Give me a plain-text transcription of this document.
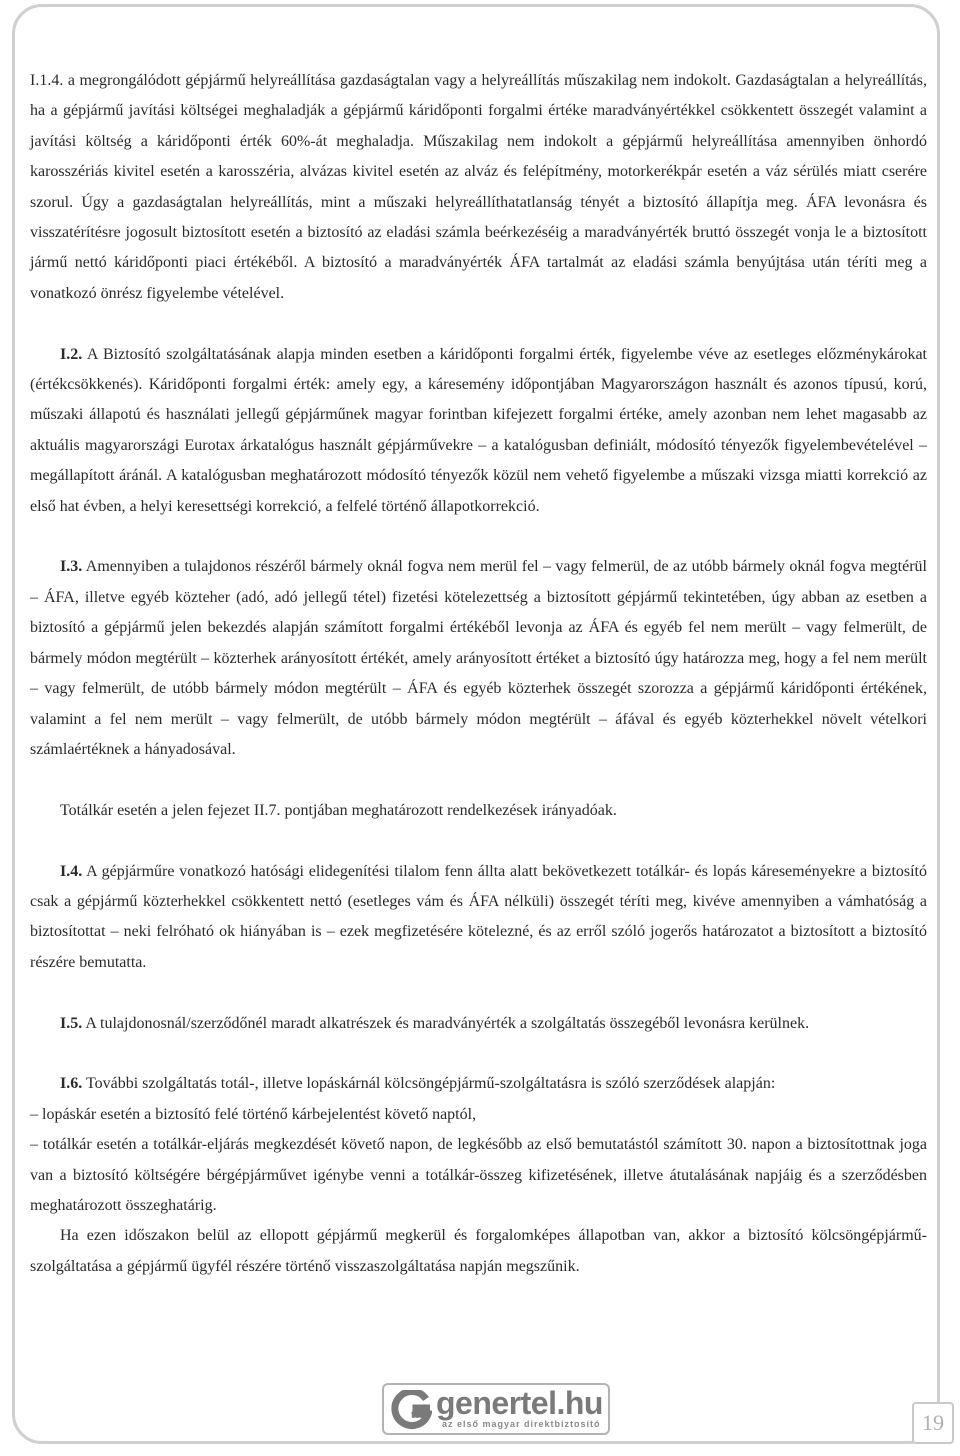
I.1.4. a megrongálódott gépjármű helyreállítása gazdaságtalan vagy a helyreállítás műszakilag nem indokolt. Gazdaságtalan a helyreállítás, ha a gépjármű javítási költségei meghaladják a gépjármű káridőponti forgalmi értéke maradványértékkel csökkentett összegét valamint a javítási költség a káridőponti érték 60%-át meghaladja. Műszakilag nem indokolt a gépjármű helyreállítása amennyiben önhordó karosszériás kivitel esetén a karosszéria, alvázas kivitel esetén az alváz és felépítmény, motorkerékpár esetén a váz sérülés miatt cserére szorul. Úgy a gazdaságtalan helyreállítás, mint a műszaki helyreállíthatatlanság tényét a biztosító állapítja meg. ÁFA levonásra és visszatérítésre jogosult biztosított esetén a biztosító az eladási számla beérkezéséig a maradványérték bruttó összegét vonja le a biztosított jármű nettó káridőponti piaci értékéből. A biztosító a maradványérték ÁFA tartalmát az eladási számla benyújtása után téríti meg a vonatkozó önrész figyelembe vételével.

I.2. A Biztosító szolgáltatásának alapja minden esetben a káridőponti forgalmi érték, figyelembe véve az esetleges előzménykárokat (értékcsökkenés). Káridőponti forgalmi érték: amely egy, a káresemény időpontjában Magyarországon használt és azonos típusú, korú, műszaki állapotú és használati jellegű gépjárműnek magyar forintban kifejezett forgalmi értéke, amely azonban nem lehet magasabb az aktuális magyarországi Eurotax árkatalógus használt gépjárművekre – a katalógusban definiált, módosító tényezők figyelembevételével – megállapított áránál. A katalógusban meghatározott módosító tényezők közül nem vehető figyelembe a műszaki vizsga miatti korrekció az első hat évben, a helyi keresettségi korrekció, a felfelé történő állapotkorrekció.

I.3. Amennyiben a tulajdonos részéről bármely oknál fogva nem merül fel – vagy felmerül, de az utóbb bármely oknál fogva megtérül – ÁFA, illetve egyéb közteher (adó, adó jellegű tétel) fizetési kötelezettség a biztosított gépjármű tekintetében, úgy abban az esetben a biztosító a gépjármű jelen bekezdés alapján számított forgalmi értékéből levonja az ÁFA és egyéb fel nem merült – vagy felmerült, de bármely módon megtérült – közterhek arányosított értékét, amely arányosított értéket a biztosító úgy határozza meg, hogy a fel nem merült – vagy felmerült, de utóbb bármely módon megtérült – ÁFA és egyéb közterhek összegét szorozza a gépjármű káridőponti értékének, valamint a fel nem merült – vagy felmerült, de utóbb bármely módon megtérült – áfával és egyéb közterhekkel növelt vételkori számlaértéknek a hányadosával.

Totálkár esetén a jelen fejezet II.7. pontjában meghatározott rendelkezések irányadóak.

I.4. A gépjárműre vonatkozó hatósági elidegenítési tilalom fenn állta alatt bekövetkezett totálkár- és lopás káreseményekre a biztosító csak a gépjármű közterhekkel csökkentett nettó (esetleges vám és ÁFA nélküli) összegét téríti meg, kivéve amennyiben a vámhatóság a biztosítottat – neki felróható ok hiányában is – ezek megfizetésére kötelezné, és az erről szóló jogerős határozatot a biztosított a biztosító részére bemutatta.

I.5. A tulajdonosnál/szerződőnél maradt alkatrészek és maradványérték a szolgáltatás összegéből levonásra kerülnek.

I.6. További szolgáltatás totál-, illetve lopáskárnál kölcsöngépjármű-szolgáltatásra is szóló szerződések alapján:

– lopáskár esetén a biztosító felé történő kárbejelentést követő naptól,

– totálkár esetén a totálkár-eljárás megkezdését követő napon, de legkésőbb az első bemutatástól számított 30. napon a biztosítottnak joga van a biztosító költségére bérgépjárművet igénybe venni a totálkár-összeg kifizetésének, illetve átutalásának napjáig és a szerződésben meghatározott összeghatárig.

Ha ezen időszakon belül az ellopott gépjármű megkerül és forgalomképes állapotban van, akkor a biztosító kölcsöngépjármű-szolgáltatása a gépjármű ügyfél részére történő visszaszolgáltatása napján megszűnik.

tel genertel.hu
az első magyar direktbiztosító	19
